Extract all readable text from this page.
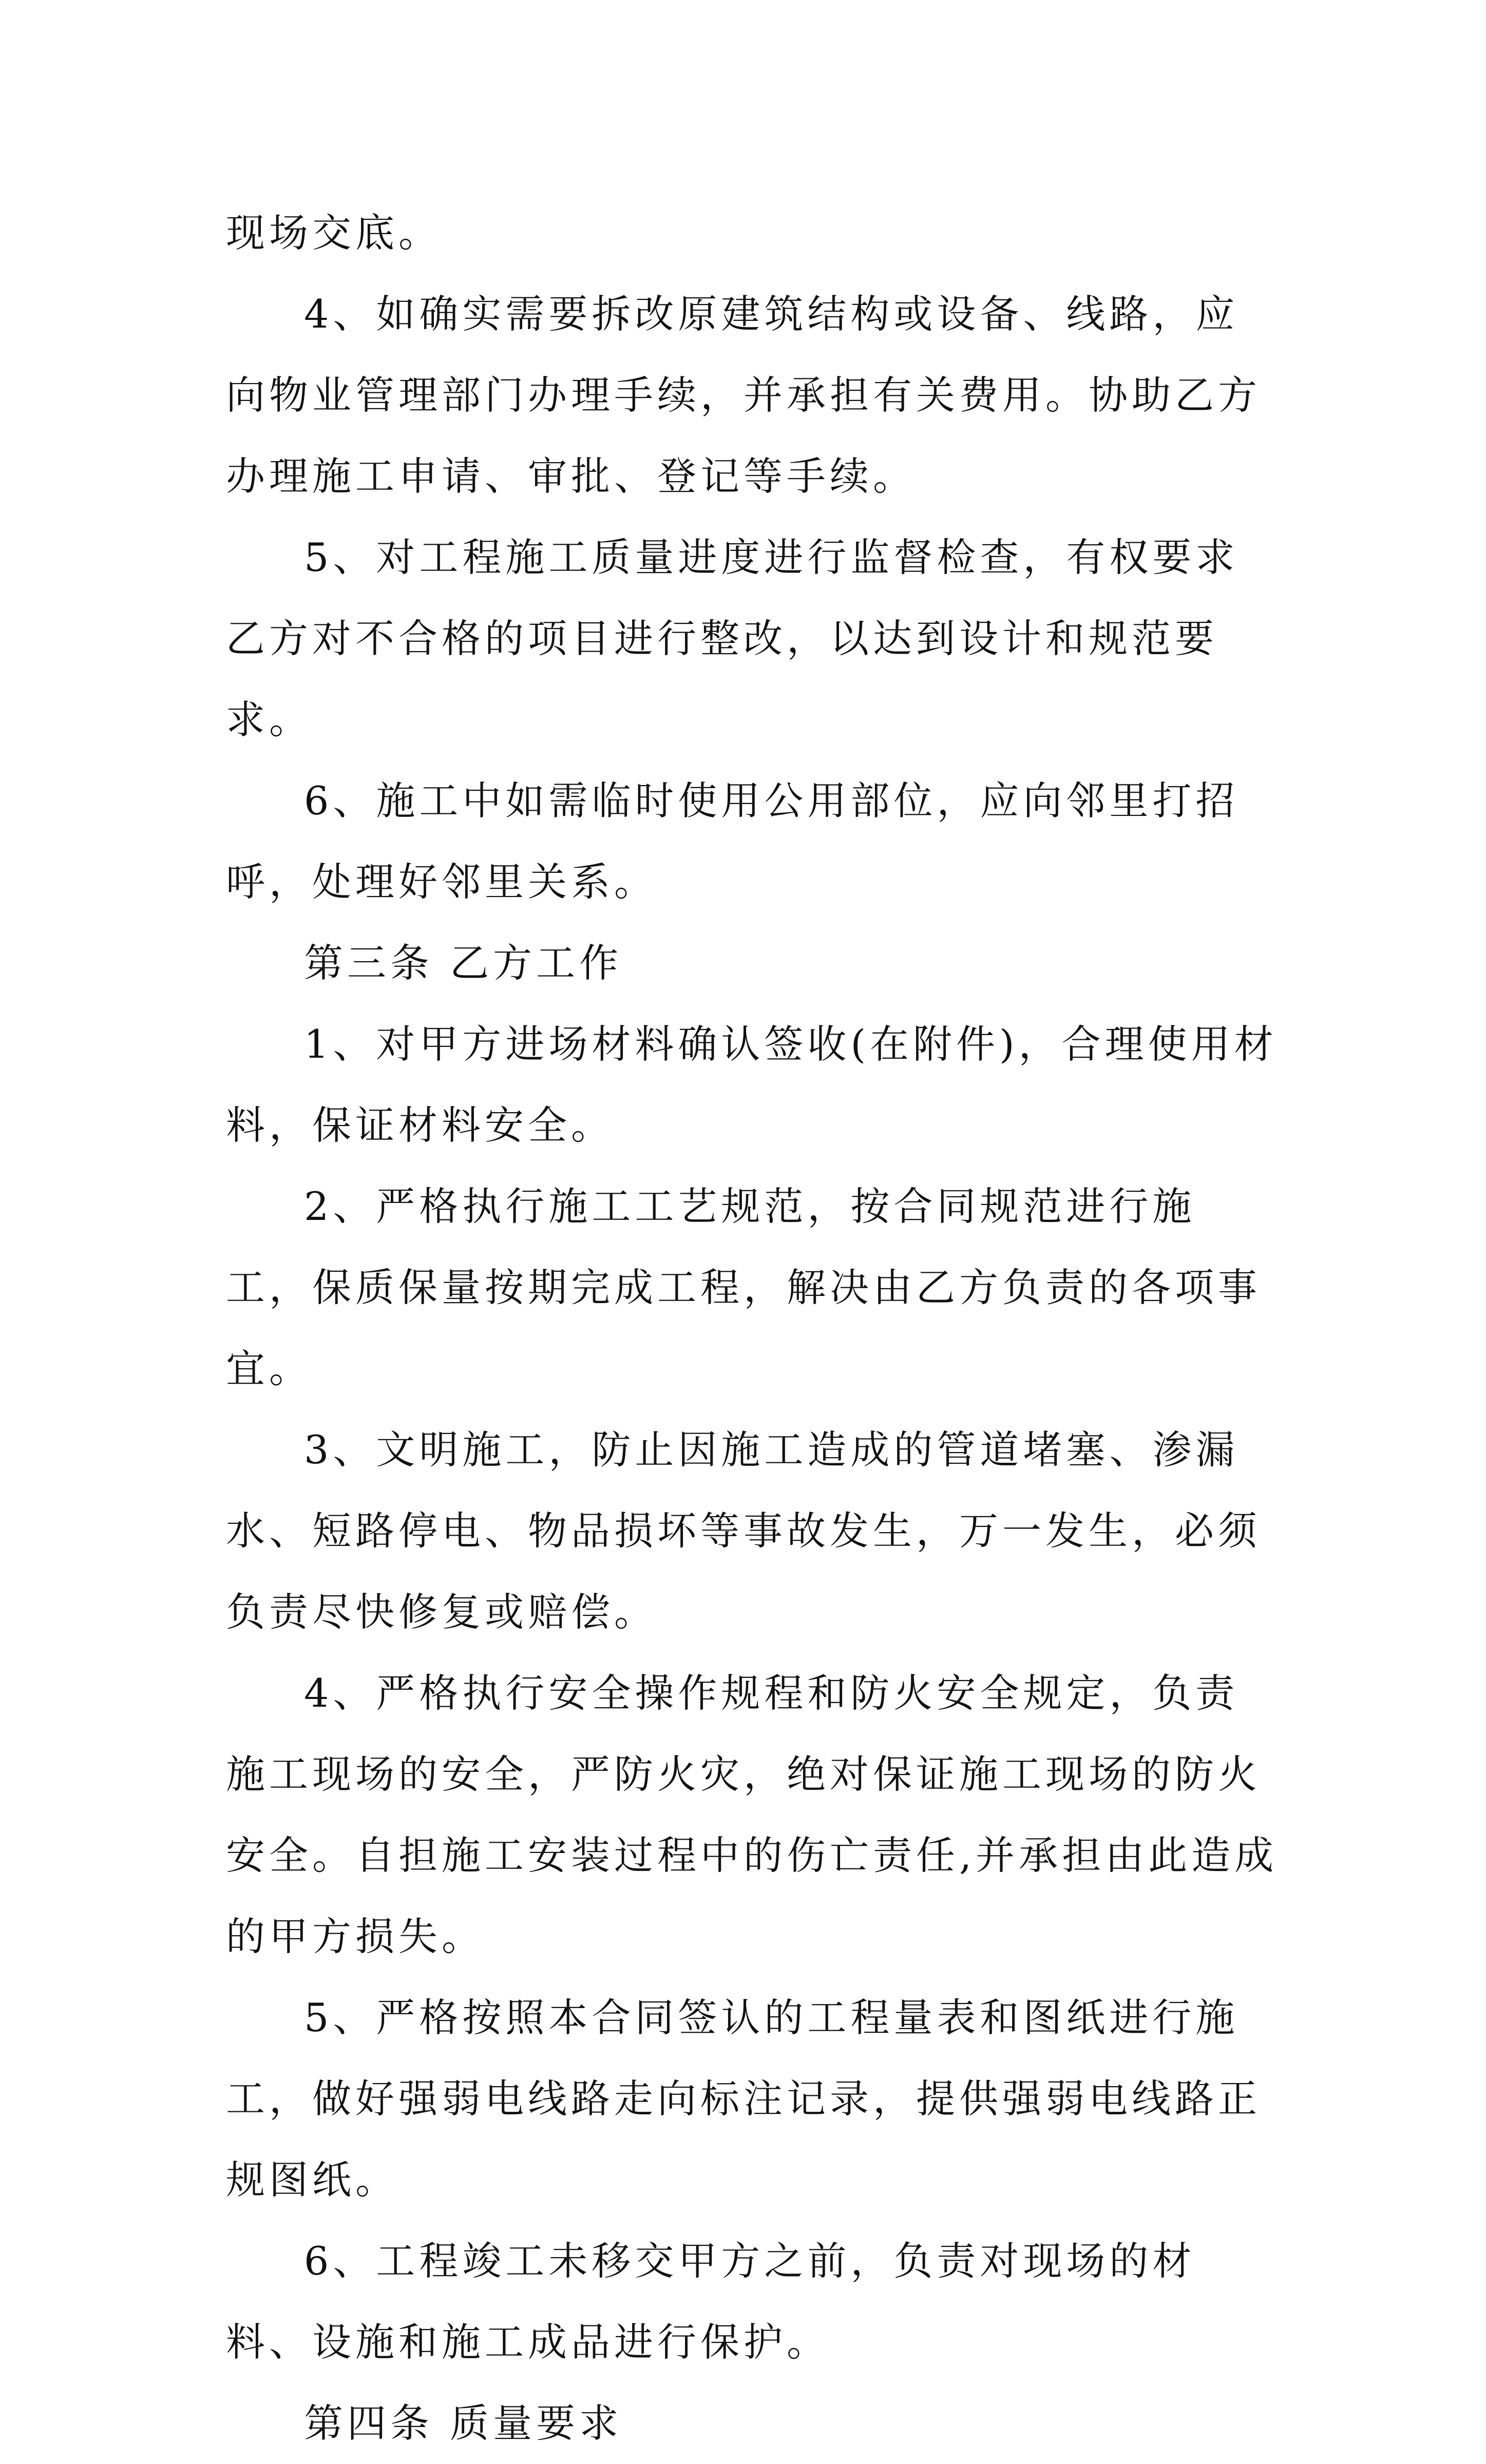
现场交底。

4、如确实需要拆改原建筑结构或设备、线路，应向物业管理部门办理手续，并承担有关费用。协助乙方办理施工申请、审批、登记等手续。

5、对工程施工质量进度进行监督检查，有权要求乙方对不合格的项目进行整改，以达到设计和规范要求。

6、施工中如需临时使用公用部位，应向邻里打招呼，处理好邻里关系。

第三条 乙方工作

1、对甲方进场材料确认签收(在附件)，合理使用材料，保证材料安全。

2、严格执行施工工艺规范，按合同规范进行施工，保质保量按期完成工程，解决由乙方负责的各项事宜。

3、文明施工，防止因施工造成的管道堵塞、渗漏水、短路停电、物品损坏等事故发生，万一发生，必须负责尽快修复或赔偿。

4、严格执行安全操作规程和防火安全规定，负责施工现场的安全，严防火灾，绝对保证施工现场的防火安全。自担施工安装过程中的伤亡责任,并承担由此造成的甲方损失。

5、严格按照本合同签认的工程量表和图纸进行施工，做好强弱电线路走向标注记录，提供强弱电线路正规图纸。

6、工程竣工未移交甲方之前，负责对现场的材料、设施和施工成品进行保护。

第四条 质量要求
